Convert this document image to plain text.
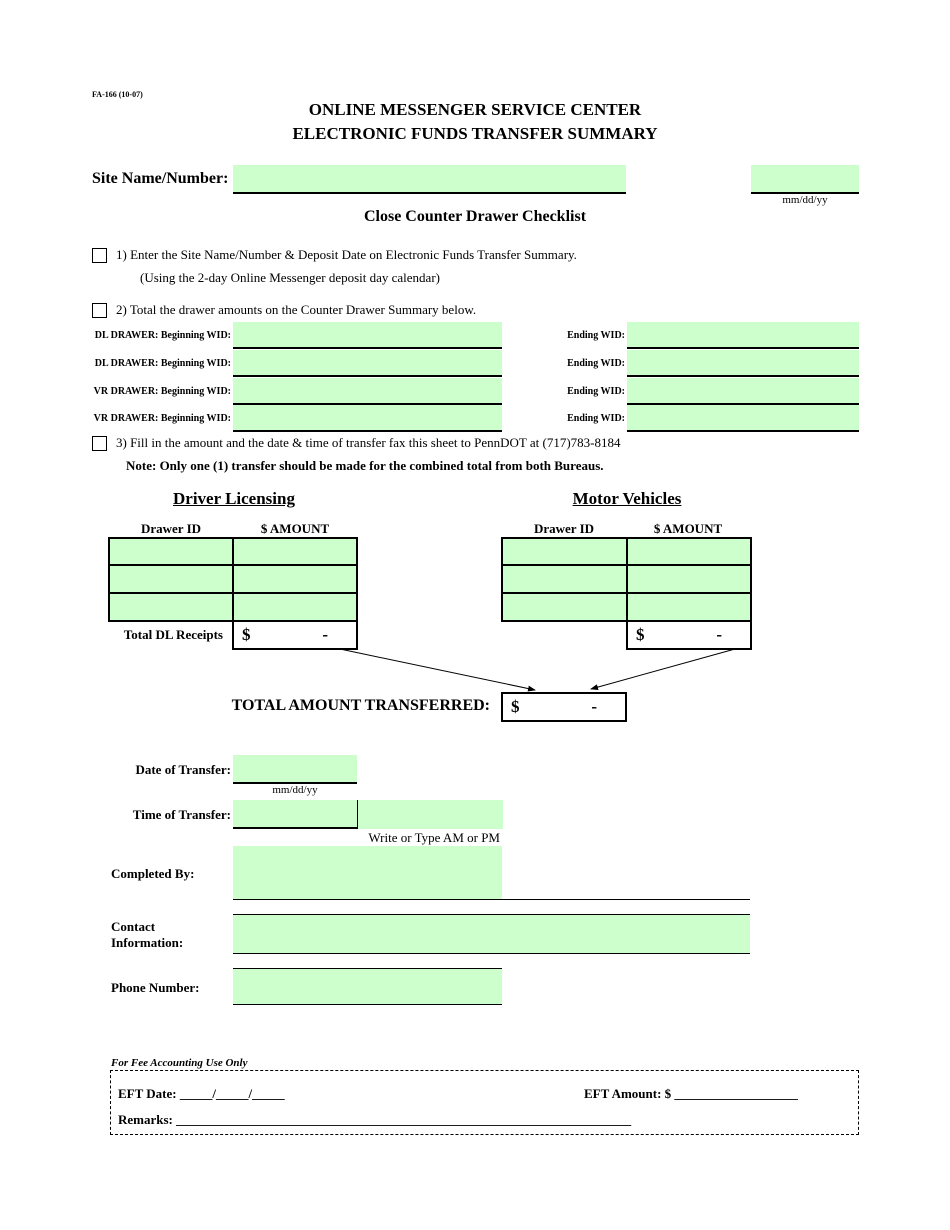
FA-166 (10-07)
ONLINE MESSENGER SERVICE CENTER
ELECTRONIC FUNDS TRANSFER SUMMARY
Site Name/Number:
mm/dd/yy
Close Counter Drawer Checklist
1) Enter the Site Name/Number & Deposit Date on Electronic Funds Transfer Summary.
(Using the 2-day Online Messenger deposit day calendar)
2) Total the drawer amounts on the Counter Drawer Summary below.
DL DRAWER: Beginning WID:	Ending WID:
DL DRAWER: Beginning WID:	Ending WID:
VR DRAWER: Beginning WID:	Ending WID:
VR DRAWER: Beginning WID:	Ending WID:
3) Fill in the amount and the date & time of transfer fax this sheet to PennDOT at (717)783-8184
Note: Only one (1) transfer should be made for the combined total from both Bureaus.
Driver Licensing
Drawer ID	$ AMOUNT
Total DL Receipts $	-
Motor Vehicles
Drawer ID	$ AMOUNT
$	-
TOTAL AMOUNT TRANSFERRED: $	-
Date of Transfer:
mm/dd/yy
Time of Transfer:
Write or Type AM or PM
Completed By:
Contact
Information:
Phone Number:
For Fee Accounting Use Only
EFT Date: _____/_____/_____	EFT Amount: $ ___________________
Remarks: ______________________________________________________________________
